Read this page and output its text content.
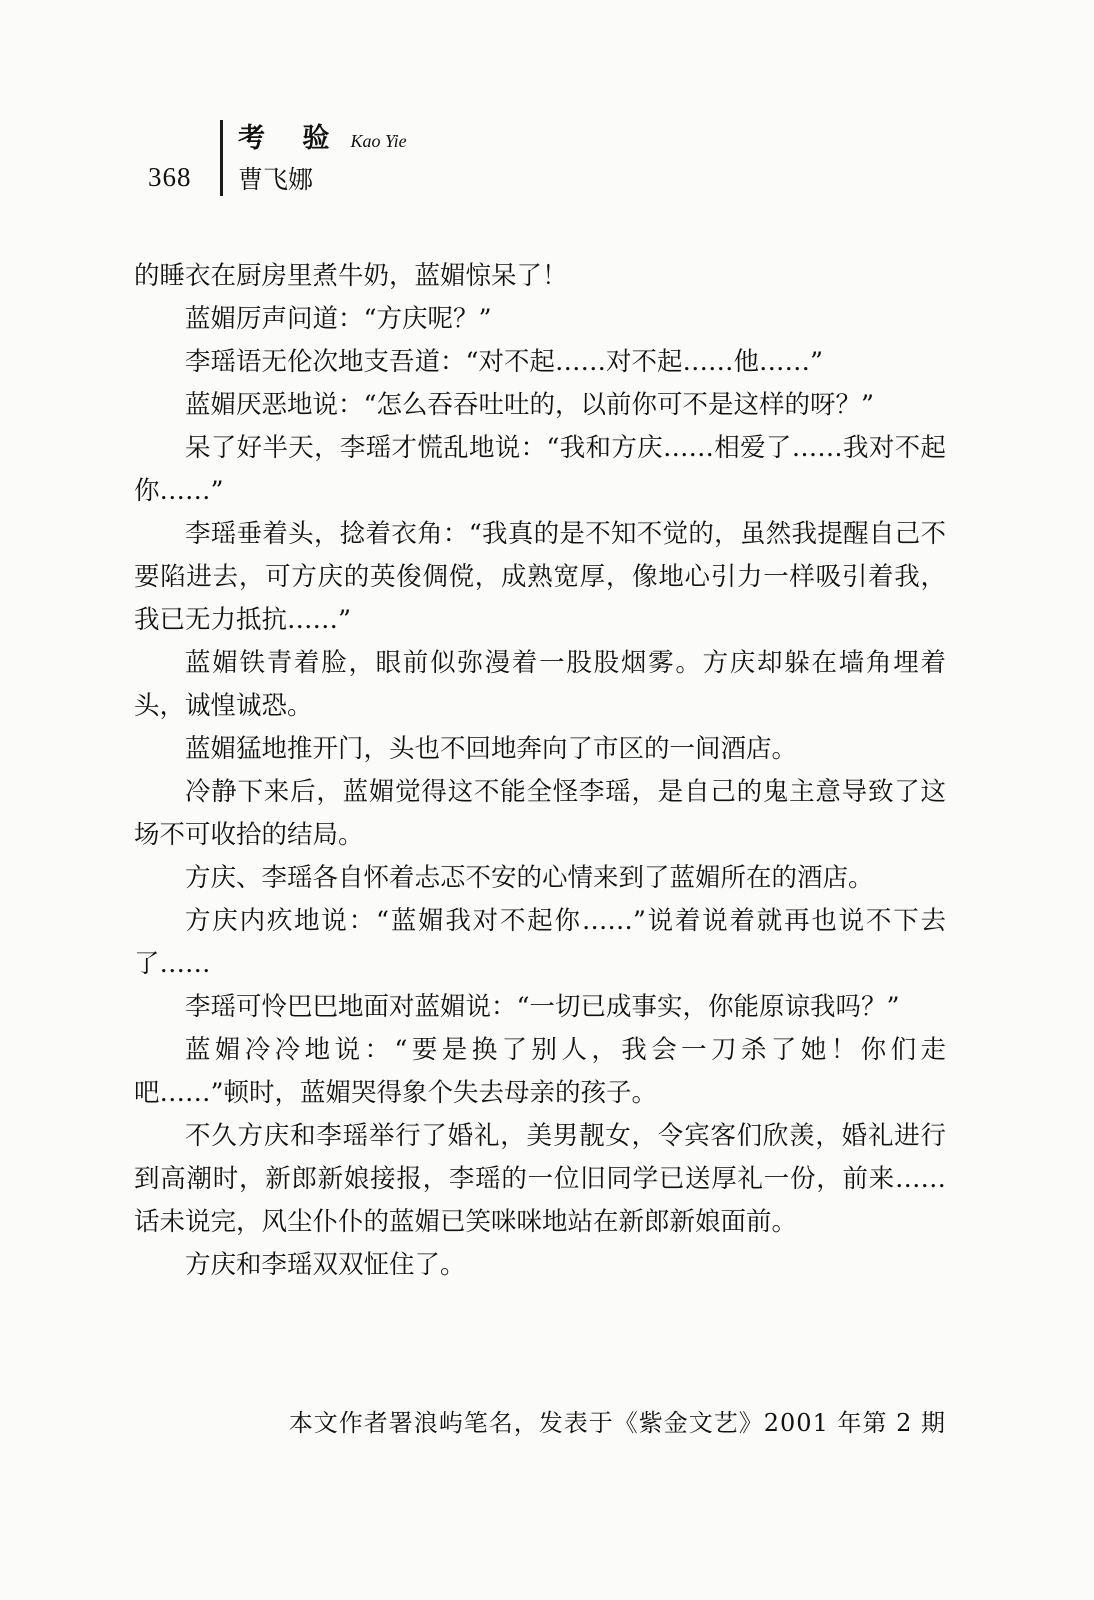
368
考 验 Kao Yie
曹飞娜

的睡衣在厨房里煮牛奶，蓝媚惊呆了！

蓝媚厉声问道：“方庆呢？”

李瑶语无伦次地支吾道：“对不起……对不起……他……”

蓝媚厌恶地说：“怎么吞吞吐吐的，以前你可不是这样的呀？”

呆了好半天，李瑶才慌乱地说：“我和方庆……相爱了……我对不起你……”

李瑶垂着头，捻着衣角：“我真的是不知不觉的，虽然我提醒自己不要陷进去，可方庆的英俊倜傥，成熟宽厚，像地心引力一样吸引着我，我已无力抵抗……”

蓝媚铁青着脸，眼前似弥漫着一股股烟雾。方庆却躲在墙角埋着头，诚惶诚恐。

蓝媚猛地推开门，头也不回地奔向了市区的一间酒店。

冷静下来后，蓝媚觉得这不能全怪李瑶，是自己的鬼主意导致了这场不可收拾的结局。

方庆、李瑶各自怀着忐忑不安的心情来到了蓝媚所在的酒店。

方庆内疚地说：“蓝媚我对不起你……”说着说着就再也说不下去了……

李瑶可怜巴巴地面对蓝媚说：“一切已成事实，你能原谅我吗？”

蓝媚冷冷地说：“要是换了别人，我会一刀杀了她！你们走吧……”顿时，蓝媚哭得象个失去母亲的孩子。

不久方庆和李瑶举行了婚礼，美男靓女，令宾客们欣羡，婚礼进行到高潮时，新郎新娘接报，李瑶的一位旧同学已送厚礼一份，前来……话未说完，风尘仆仆的蓝媚已笑咪咪地站在新郎新娘面前。

方庆和李瑶双双怔住了。

本文作者署浪屿笔名，发表于《紫金文艺》2001 年第 2 期
